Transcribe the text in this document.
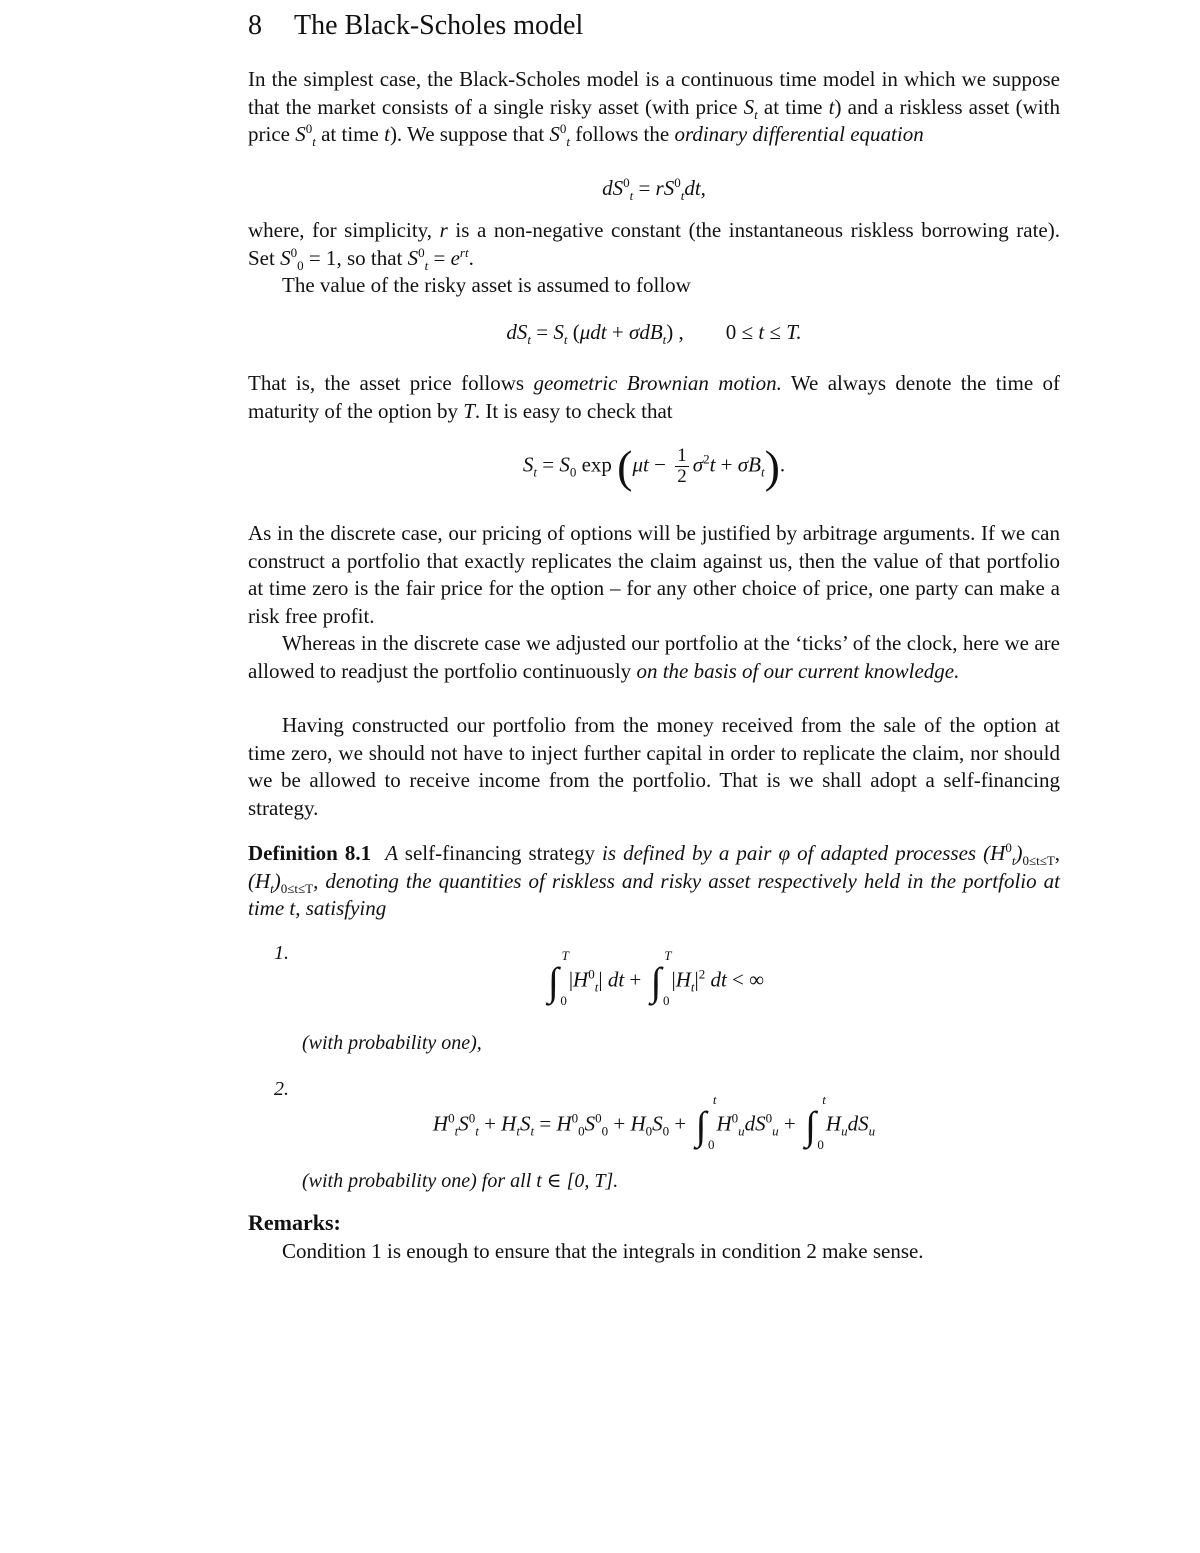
8 The Black-Scholes model

In the simplest case, the Black-Scholes model is a continuous time model in which we suppose that the market consists of a single risky asset (with price $S_t$ at time t) and a riskless asset (with price $S^0_t$ at time t). We suppose that $S^0_t$ follows the ordinary differential equation

$dS^0_t = rS^0_tdt$,

where, for simplicity, r is a non-negative constant (the instantaneous riskless borrowing rate). Set $S^0_0 = 1$, so that $S^0_t = e^{rt}$.

The value of the risky asset is assumed to follow

$dS_t = S_t$ (μdt + σdB$_t$) , 0 ≤ t ≤ T.

That is, the asset price follows geometric Brownian motion. We always denote the time of maturity of the option by T. It is easy to check that

$S_t = S_0$ $\exp (\mu t - \frac{1}{2} \sigma^2t + \sigma B_t)$.

As in the discrete case, our pricing of options will be justified by arbitrage arguments. If we can construct a portfolio that exactly replicates the claim against us, then the value of that portfolio at time zero is the fair price for the option – for any other choice of price, one party can make a risk free profit.

Whereas in the discrete case we adjusted our portfolio at the ‘ticks’ of the clock, here we are allowed to readjust the portfolio continuously on the basis of our current knowledge.

Having constructed our portfolio from the money received from the sale of the option at time zero, we should not have to inject further capital in order to replicate the claim, nor should we be allowed to receive income from the portfolio. That is we shall adopt a self-financing strategy.

Definition 8.1 A self-financing strategy is defined by a pair φ of adapted processes $(H^0_t)_{0\le t\le T}$, $(H_t)_{0\le t\le T}$, denoting the quantities of riskless and risky asset respectively held in the portfolio at time t, satisfying

1.
∫
T
0
$|H^0_t|$ dt + ∫
T
0
$|H_t|^2$ dt < ∞
(with probability one),
2.
$H^0_tS^0_t + H_tS_t = H^0_0S^0_0 + H_0S_0$ + ∫
t
0
$H^0_udS^0_u$ + ∫
t
0
$H_udS_u$
(with probability one) for all t ∈ [0, T].
Remarks:

Condition 1 is enough to ensure that the integrals in condition 2 make sense.
